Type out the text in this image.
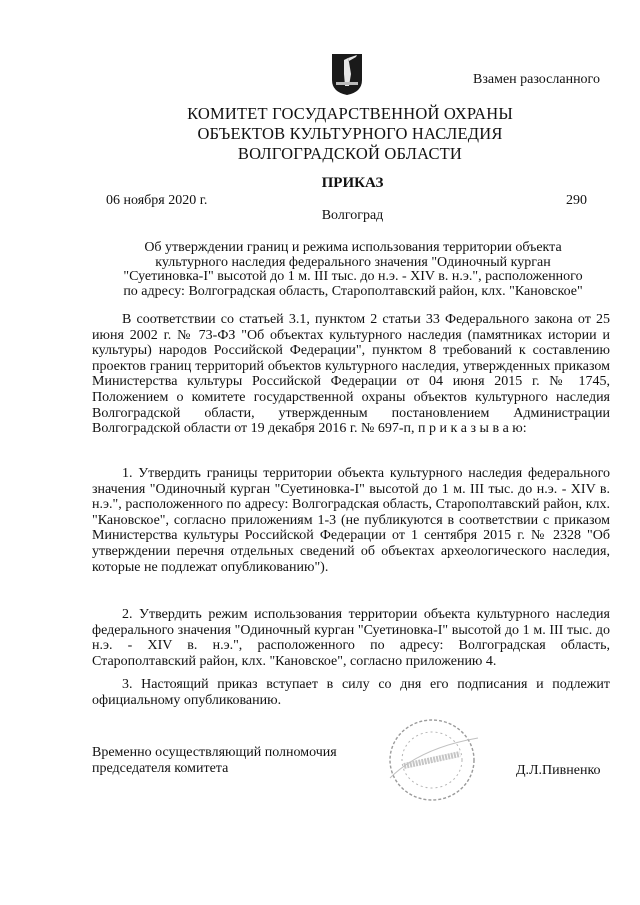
Взамен разосланного
КОМИТЕТ ГОСУДАРСТВЕННОЙ ОХРАНЫ
ОБЪЕКТОВ КУЛЬТУРНОГО НАСЛЕДИЯ
ВОЛГОГРАДСКОЙ ОБЛАСТИ
ПРИКАЗ
06 ноября 2020 г.	290
Волгоград
Об утверждении границ и режима использования территории объекта
культурного наследия федерального значения "Одиночный курган
"Суетиновка-I" высотой до 1 м. III тыс. до н.э. - XIV в. н.э.", расположенного
по адресу: Волгоградская область, Старополтавский район, клх. "Кановское"
В соответствии со статьей 3.1, пунктом 2 статьи 33 Федерального закона от 25 июня 2002 г. № 73-ФЗ "Об объектах культурного наследия (памятниках истории и культуры) народов Российской Федерации", пунктом 8 требований к составлению проектов границ территорий объектов культурного наследия, утвержденных приказом Министерства культуры Российской Федерации от 04 июня 2015 г. № 1745, Положением о комитете государственной охраны объектов культурного наследия Волгоградской области, утвержденным постановлением Администрации Волгоградской области от 19 декабря 2016 г. № 697-п, п р и к а з ы в а ю:
1. Утвердить границы территории объекта культурного наследия федерального значения "Одиночный курган "Суетиновка-I" высотой до 1 м. III тыс. до н.э. - XIV в. н.э.", расположенного по адресу: Волгоградская область, Старополтавский район, клх. "Кановское", согласно приложениям 1-3 (не публикуются в соответствии с приказом Министерства культуры Российской Федерации от 1 сентября 2015 г. № 2328 "Об утверждении перечня отдельных сведений об объектах археологического наследия, которые не подлежат опубликованию").
2. Утвердить режим использования территории объекта культурного наследия федерального значения "Одиночный курган "Суетиновка-I" высотой до 1 м. III тыс. до н.э. - XIV в. н.э.", расположенного по адресу: Волгоградская область, Старополтавский район, клх. "Кановское", согласно приложению 4.
3. Настоящий приказ вступает в силу со дня его подписания и подлежит официальному опубликованию.
Временно осуществляющий полномочия
председателя комитета	Д.Л.Пивненко
